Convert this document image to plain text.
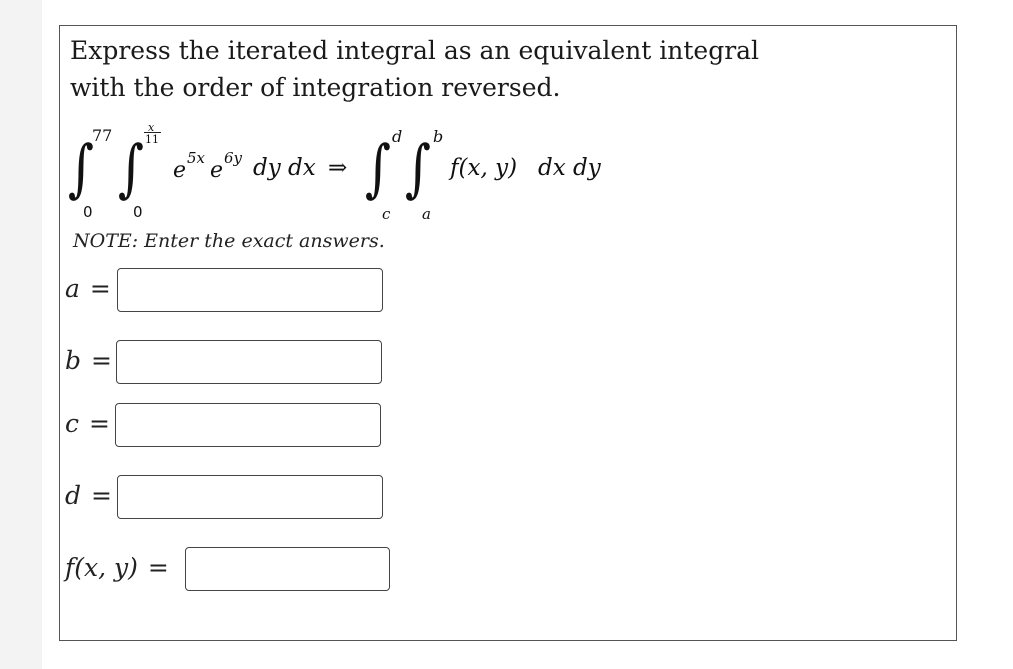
Express the iterated integral as an equivalent integral
with the order of integration reversed.
∫
77
0
∫
x
11
0
e 5x e 6y dy dx ⇒ ∫ d
c
∫ b
a
f(x, y) dx dy
NOTE: Enter the exact answers.
a =
b =
c =
d =
f(x, y) =
